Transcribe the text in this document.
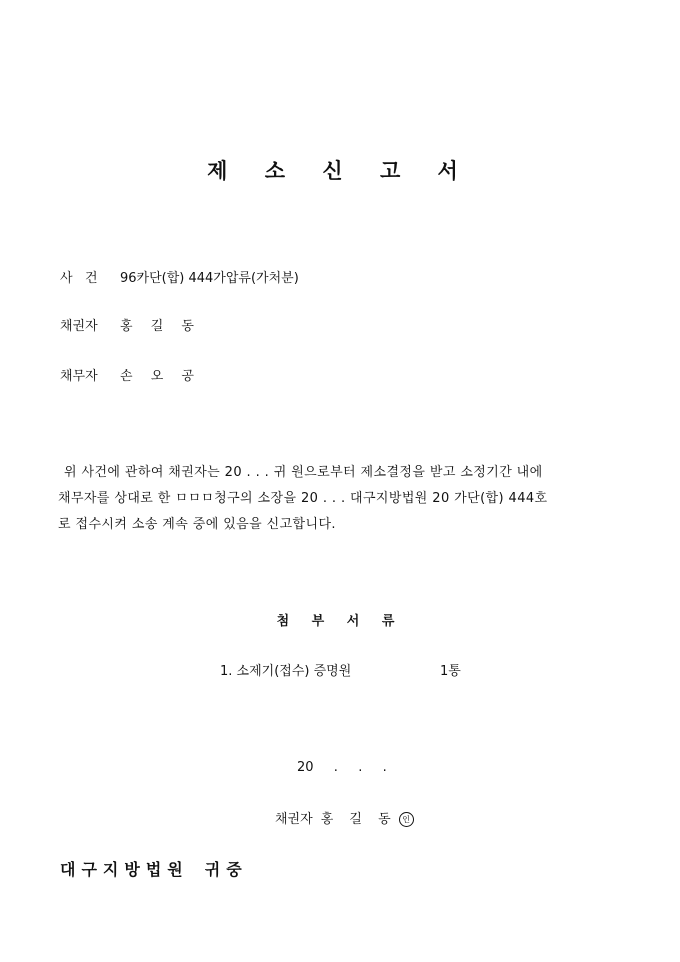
제 소 신 고 서
사   건 96카단(합) 444가압류(가처분)
채권자 홍 길 동
채무자 손 오 공

위 사건에 관하여 채권자는 20 . . . 귀 원으로부터 제소결정을 받고 소정기간 내에

채무자를 상대로 한 ㅁㅁㅁ청구의 소장을 20 . . . 대구지방법원 20 가단(합) 444호

로 접수시켜 소송 계속 중에 있음을 신고합니다.

첨 부 서 류
1. 소제기(접수) 증명원	1통
20  .  .  .
채권자 홍 길 동 인
대구지방법원 귀중
